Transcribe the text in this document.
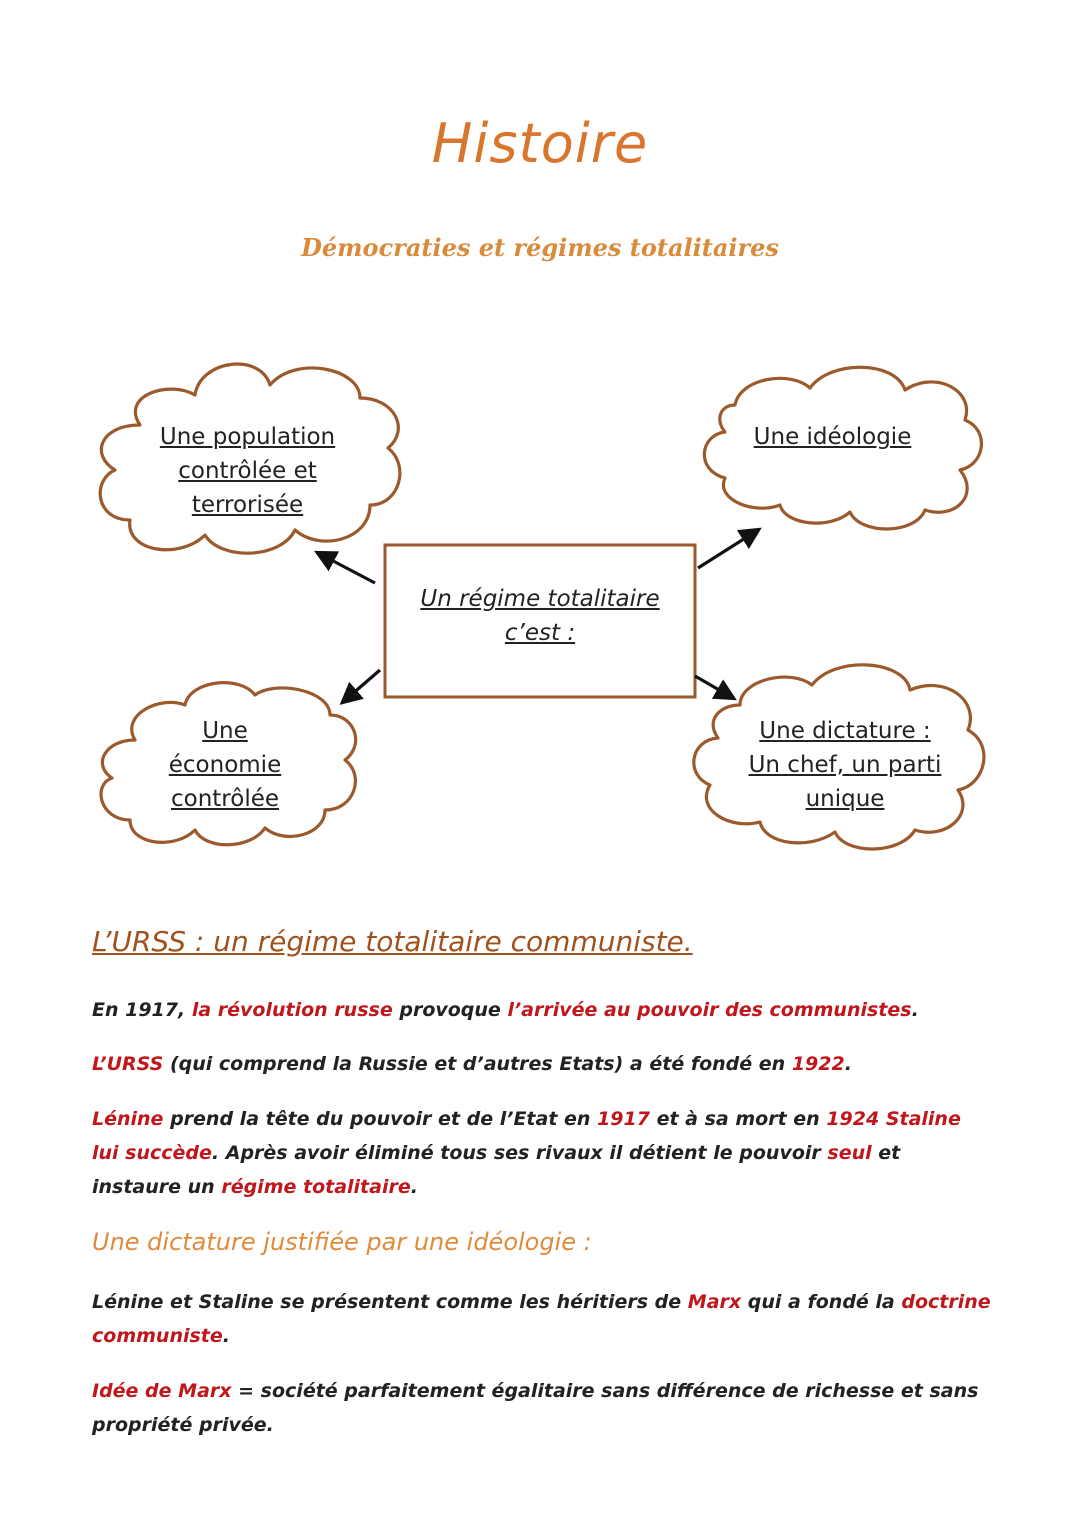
Histoire
Démocraties et régimes totalitaires
Une population
contrôlée et
terrorisée
Une idéologie
Une
économie
contrôlée
Une dictature :
Un chef, un parti
unique
Un régime totalitaire
c’est :
L’URSS : un régime totalitaire communiste.

En 1917, la révolution russe provoque l’arrivée au pouvoir des communistes.

L’URSS (qui comprend la Russie et d’autres Etats) a été fondé en 1922.

Lénine prend la tête du pouvoir et de l’Etat en 1917 et à sa mort en 1924 Staline lui succède. Après avoir éliminé tous ses rivaux il détient le pouvoir seul et instaure un régime totalitaire.

Une dictature justifiée par une idéologie :

Lénine et Staline se présentent comme les héritiers de Marx qui a fondé la doctrine communiste.

Idée de Marx = société parfaitement égalitaire sans différence de richesse et sans propriété privée.
